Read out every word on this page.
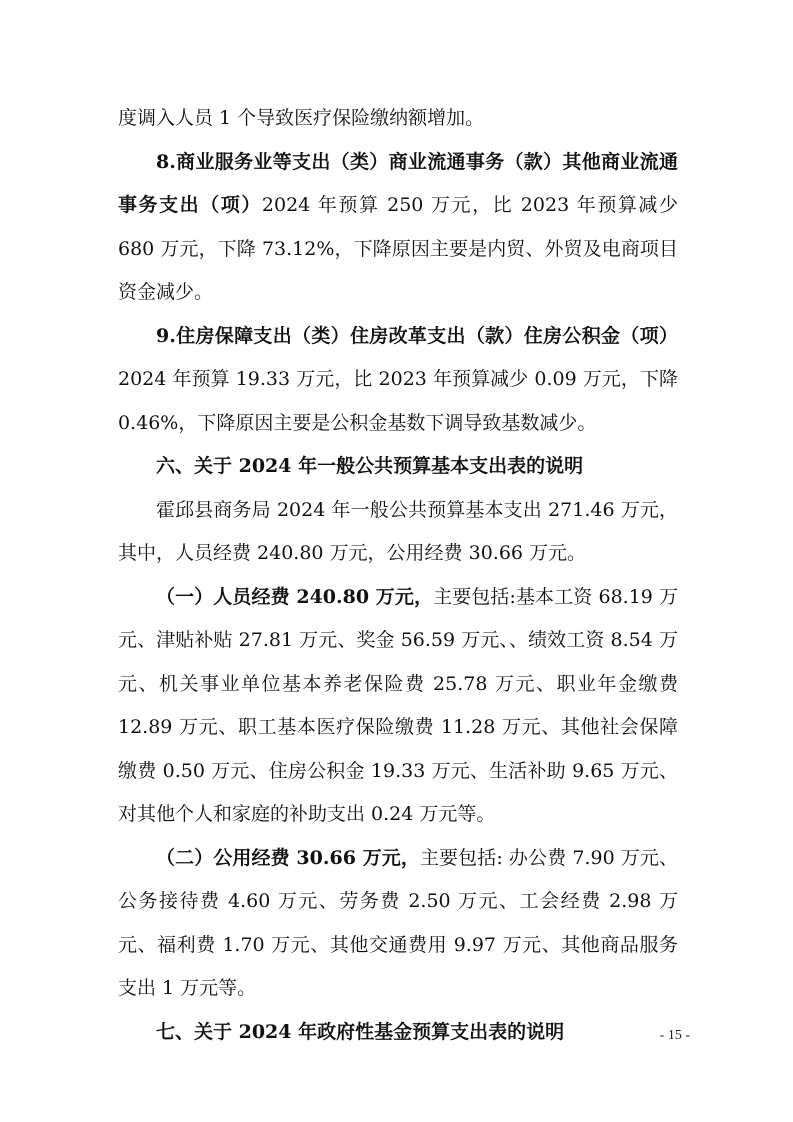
度调入人员 1 个导致医疗保险缴纳额增加。

8.商业服务业等支出（类）商业流通事务（款）其他商业流通事务支出（项）2024 年预算 250 万元，比 2023 年预算减少 680 万元，下降 73.12%，下降原因主要是内贸、外贸及电商项目资金减少。

9.住房保障支出（类）住房改革支出（款）住房公积金（项）2024 年预算 19.33 万元，比 2023 年预算减少 0.09 万元，下降 0.46%，下降原因主要是公积金基数下调导致基数减少。

六、关于 2024 年一般公共预算基本支出表的说明

霍邱县商务局 2024 年一般公共预算基本支出 271.46 万元，其中，人员经费 240.80 万元，公用经费 30.66 万元。

（一）人员经费 240.80 万元，主要包括:基本工资 68.19 万元、津贴补贴 27.81 万元、奖金 56.59 万元、、绩效工资 8.54 万元、机关事业单位基本养老保险费 25.78 万元、职业年金缴费 12.89 万元、职工基本医疗保险缴费 11.28 万元、其他社会保障缴费 0.50 万元、住房公积金 19.33 万元、生活补助 9.65 万元、对其他个人和家庭的补助支出 0.24 万元等。

（二）公用经费 30.66 万元，主要包括: 办公费 7.90 万元、公务接待费 4.60 万元、劳务费 2.50 万元、工会经费 2.98 万元、福利费 1.70 万元、其他交通费用 9.97 万元、其他商品服务支出 1 万元等。

七、关于 2024 年政府性基金预算支出表的说明	- 15 -
